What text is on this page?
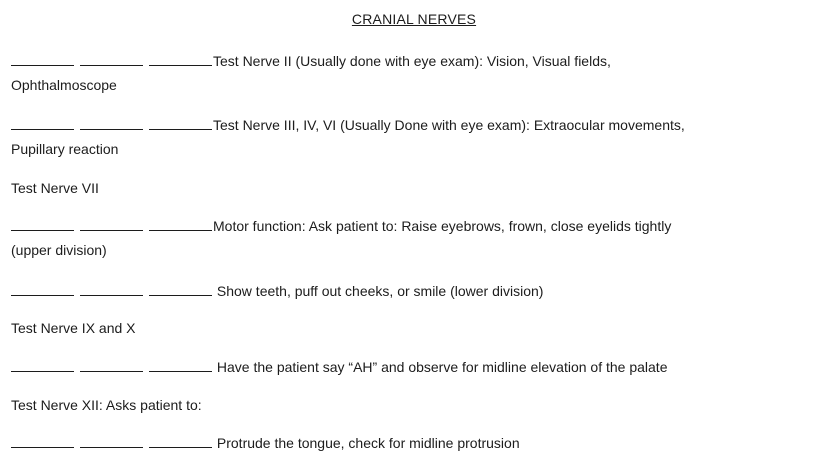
CRANIAL NERVES
Test Nerve II (Usually done with eye exam): Vision, Visual fields,
Ophthalmoscope
Test Nerve III, IV, VI (Usually Done with eye exam): Extraocular movements,
Pupillary reaction
Test Nerve VII
Motor function: Ask patient to: Raise eyebrows, frown, close eyelids tightly
(upper division)
Show teeth, puff out cheeks, or smile (lower division)
Test Nerve IX and X
Have the patient say “AH” and observe for midline elevation of the palate
Test Nerve XII: Asks patient to:
Protrude the tongue, check for midline protrusion
